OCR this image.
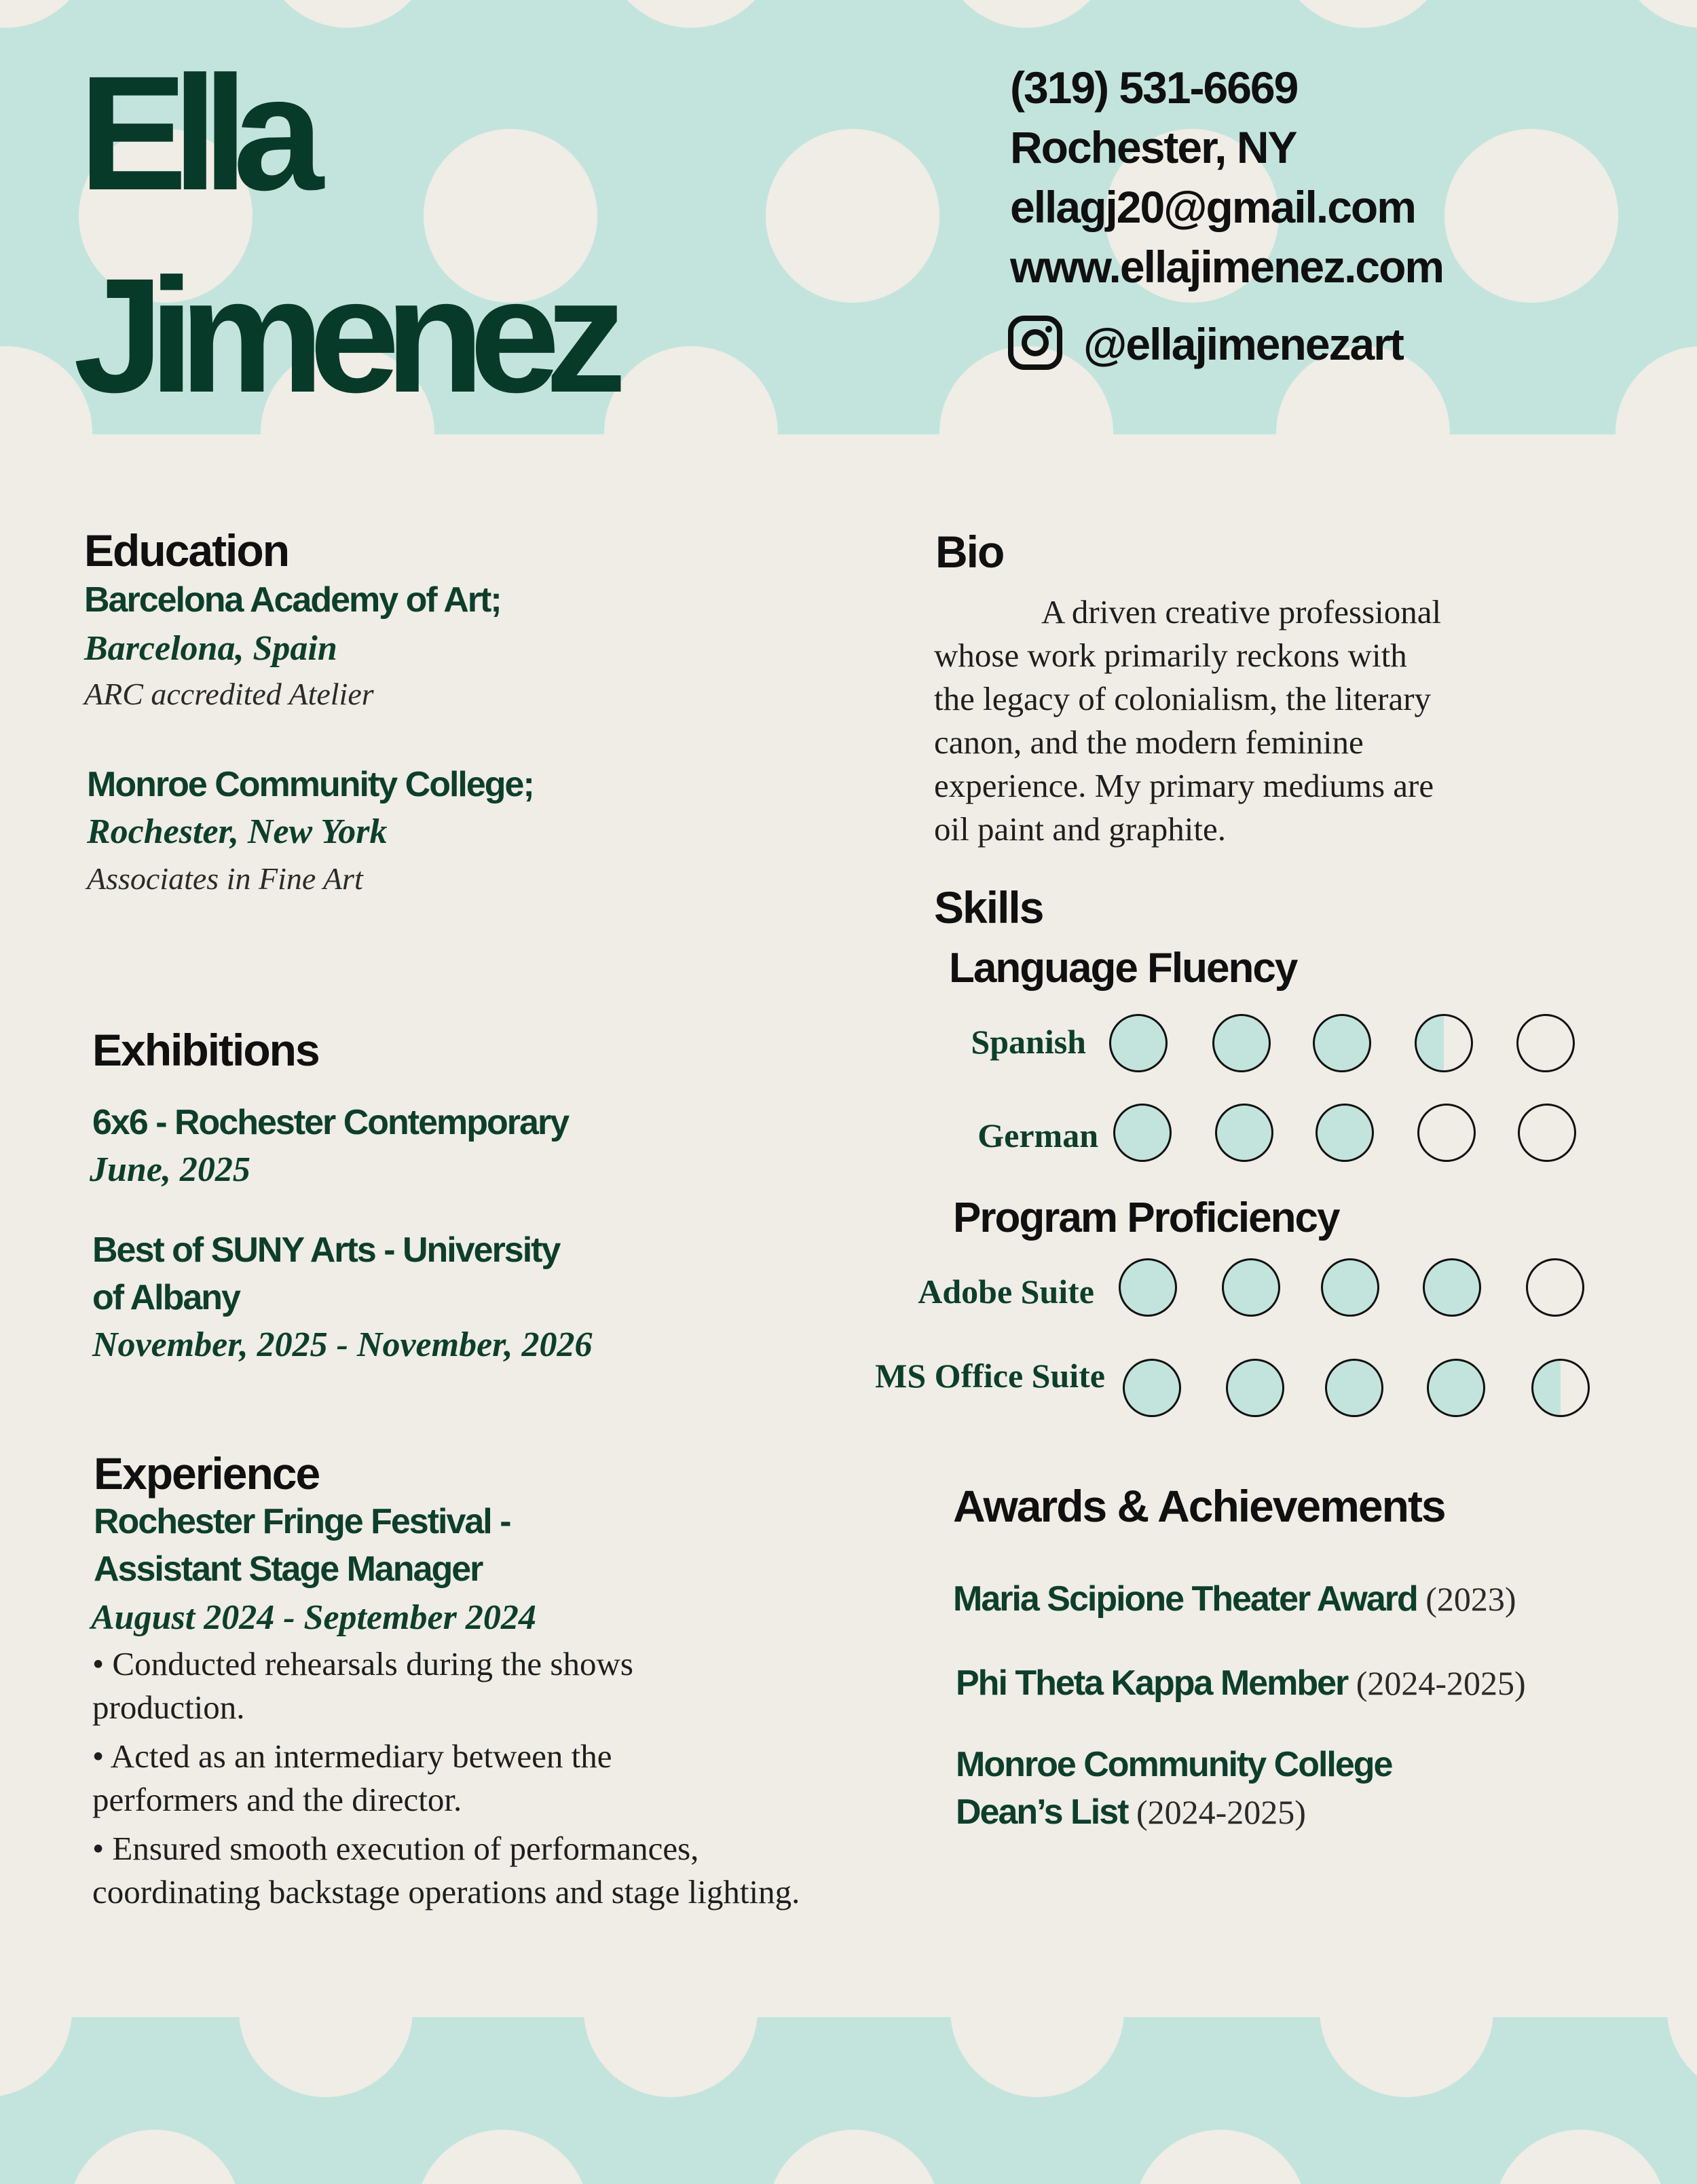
Ella
Jimenez
(319) 531-6669
Rochester, NY
ellagj20@gmail.com
www.ellajimenez.com
@ellajimenezart
Education
Barcelona Academy of Art;
Barcelona, Spain
ARC accredited Atelier
Monroe Community College;
Rochester, New York
Associates in Fine Art
Exhibitions
6x6 - Rochester Contemporary
June, 2025
Best of SUNY Arts - University
of Albany
November, 2025 - November, 2026
Experience
Rochester Fringe Festival -
Assistant Stage Manager
August 2024 - September 2024
• Conducted rehearsals during the shows
production.
• Acted as an intermediary between the
performers and the director.
• Ensured smooth execution of performances,
coordinating backstage operations and stage lighting.
Bio
A driven creative professional
whose work primarily reckons with
the legacy of colonialism, the literary
canon, and the modern feminine
experience. My primary mediums are
oil paint and graphite.
Skills
Language Fluency
Spanish
German
Program Proficiency
Adobe Suite
MS Office Suite
Awards & Achievements
Maria Scipione Theater Award (2023)
Phi Theta Kappa Member (2024-2025)
Monroe Community College
Dean’s List (2024-2025)
